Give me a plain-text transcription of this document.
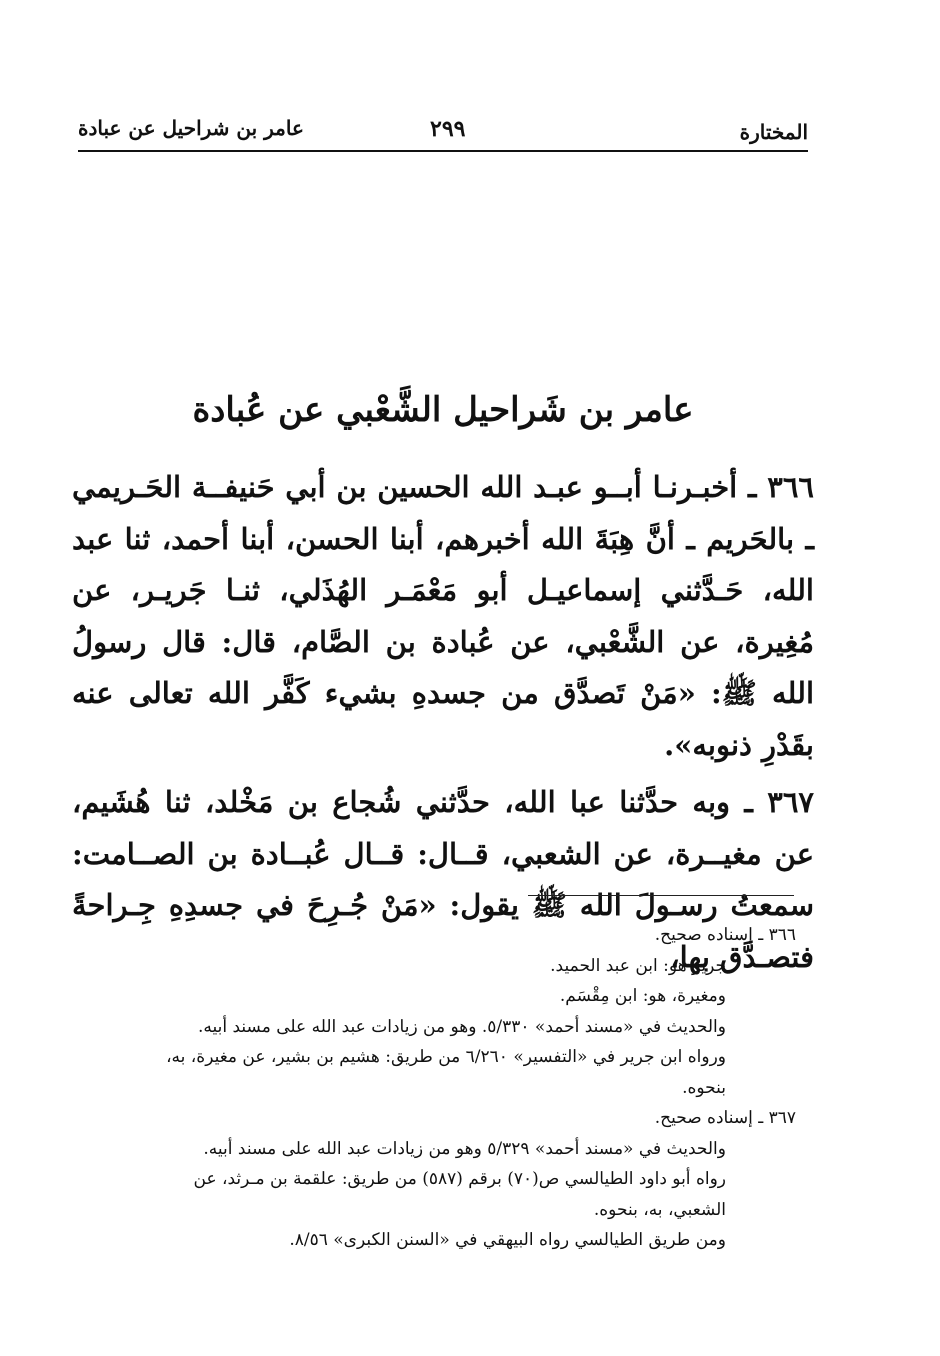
المختارة
٢٩٩
عامر بن شراحيل عن عبادة
عامر بن شَراحيل الشَّعْبي عن عُبادة

٣٦٦ ـ أخبـرنـا أبــو عبـد الله الحسين بن أبي حَنيفــة الحَـريمي ـ بالحَريم ـ أنَّ هِبَةَ الله أخبرهم، أبنا الحسن، أبنا أحمد، ثنا عبد الله، حَـدَّثني إسماعيـل أبو مَعْمَـر الهُذَلي، ثنـا جَريـر، عن مُغِيرة، عن الشَّعْبي، عن عُبادة بن الصَّام، قال: قال رسولُ الله ﷺ: «مَنْ تَصدَّق من جسدهِ بشيء كَفَّر الله تعالى عنه بقَدْرِ ذنوبه».

٣٦٧ ـ وبه حدَّثنا عبا الله، حدَّثني شُجاع بن مَخْلد، ثنا هُشَيم، عن مغيــرة، عن الشعبي، قــال: قــال عُبــادة بن الصــامت: سمعتُ رسـولَ الله ﷺ يقول: «مَنْ جُـرِحَ في جسدِهِ جِـراحةً فتصـدَّق بها،

٣٦٦ ـ إسناده صحيح.

جرير هو: ابن عبد الحميد.

ومغيرة، هو: ابن مِقْسَم.

والحديث في «مسند أحمد» ٥/٣٣٠. وهو من زيادات عبد الله على مسند أبيه.

ورواه ابن جرير في «التفسير» ٦/٢٦٠ من طريق: هشيم بن بشير، عن مغيرة، به،

بنحوه.

٣٦٧ ـ إسناده صحيح.

والحديث في «مسند أحمد» ٥/٣٢٩ وهو من زيادات عبد الله على مسند أبيه.

رواه أبو داود الطيالسي ص(٧٠) برقم (٥٨٧) من طريق: علقمة بن مـرثد، عن

الشعبي، به، بنحوه.

ومن طريق الطيالسي رواه البيهقي في «السنن الكبرى» ٨/٥٦.
